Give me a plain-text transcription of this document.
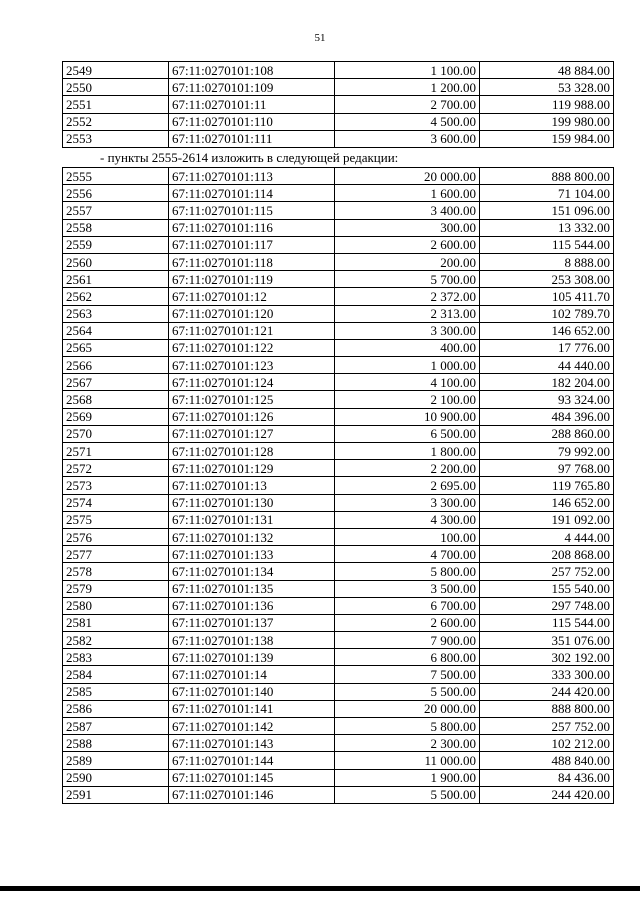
51
2549	67:11:0270101:108	1 100.00	48 884.00
2550	67:11:0270101:109	1 200.00	53 328.00
2551	67:11:0270101:11	2 700.00	119 988.00
2552	67:11:0270101:110	4 500.00	199 980.00
2553	67:11:0270101:111	3 600.00	159 984.00
- пункты 2555-2614 изложить в следующей редакции:
2555	67:11:0270101:113	20 000.00	888 800.00
2556	67:11:0270101:114	1 600.00	71 104.00
2557	67:11:0270101:115	3 400.00	151 096.00
2558	67:11:0270101:116	300.00	13 332.00
2559	67:11:0270101:117	2 600.00	115 544.00
2560	67:11:0270101:118	200.00	8 888.00
2561	67:11:0270101:119	5 700.00	253 308.00
2562	67:11:0270101:12	2 372.00	105 411.70
2563	67:11:0270101:120	2 313.00	102 789.70
2564	67:11:0270101:121	3 300.00	146 652.00
2565	67:11:0270101:122	400.00	17 776.00
2566	67:11:0270101:123	1 000.00	44 440.00
2567	67:11:0270101:124	4 100.00	182 204.00
2568	67:11:0270101:125	2 100.00	93 324.00
2569	67:11:0270101:126	10 900.00	484 396.00
2570	67:11:0270101:127	6 500.00	288 860.00
2571	67:11:0270101:128	1 800.00	79 992.00
2572	67:11:0270101:129	2 200.00	97 768.00
2573	67:11:0270101:13	2 695.00	119 765.80
2574	67:11:0270101:130	3 300.00	146 652.00
2575	67:11:0270101:131	4 300.00	191 092.00
2576	67:11:0270101:132	100.00	4 444.00
2577	67:11:0270101:133	4 700.00	208 868.00
2578	67:11:0270101:134	5 800.00	257 752.00
2579	67:11:0270101:135	3 500.00	155 540.00
2580	67:11:0270101:136	6 700.00	297 748.00
2581	67:11:0270101:137	2 600.00	115 544.00
2582	67:11:0270101:138	7 900.00	351 076.00
2583	67:11:0270101:139	6 800.00	302 192.00
2584	67:11:0270101:14	7 500.00	333 300.00
2585	67:11:0270101:140	5 500.00	244 420.00
2586	67:11:0270101:141	20 000.00	888 800.00
2587	67:11:0270101:142	5 800.00	257 752.00
2588	67:11:0270101:143	2 300.00	102 212.00
2589	67:11:0270101:144	11 000.00	488 840.00
2590	67:11:0270101:145	1 900.00	84 436.00
2591	67:11:0270101:146	5 500.00	244 420.00
